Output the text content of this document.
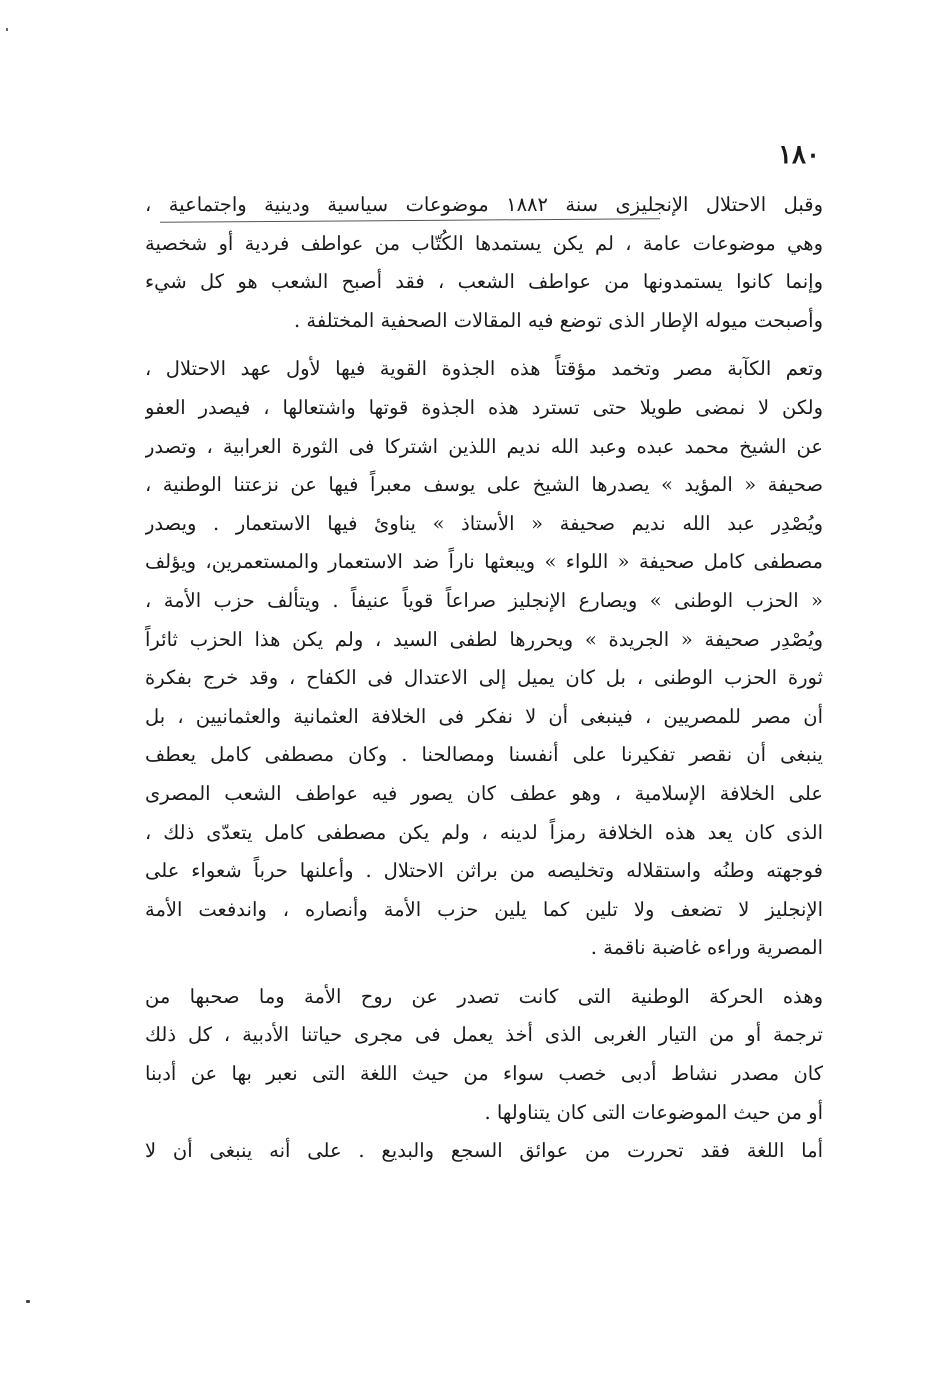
١٨٠
وقبل الاحتلال الإنجليزى سنة ١٨٨٢ موضوعات سياسية ودينية واجتماعية ،
وهي موضوعات عامة ، لم يكن يستمدها الكُتّاب من عواطف فردية أو شخصية
وإنما كانوا يستمدونها من عواطف الشعب ، فقد أصبح الشعب هو كل شيء
وأصبحت ميوله الإطار الذى توضع فيه المقالات الصحفية المختلفة .
وتعم الكآبة مصر وتخمد مؤقتاً هذه الجذوة القوية فيها لأول عهد الاحتلال ،
ولكن لا نمضى طويلا حتى تسترد هذه الجذوة قوتها واشتعالها ، فيصدر العفو
عن الشيخ محمد عبده وعبد الله نديم اللذين اشتركا فى الثورة العرابية ، وتصدر
صحيفة « المؤيد » يصدرها الشيخ على يوسف معبراً فيها عن نزعتنا الوطنية ،
ويُصْدِر عبد الله نديم صحيفة « الأستاذ » يناوئ فيها الاستعمار . ويصدر
مصطفى كامل صحيفة « اللواء » ويبعثها ناراً ضد الاستعمار والمستعمرين، ويؤلف
« الحزب الوطنى » ويصارع الإنجليز صراعاً قوياً عنيفاً . ويتألف حزب الأمة ،
ويُصْدِر صحيفة « الجريدة » ويحررها لطفى السيد ، ولم يكن هذا الحزب ثائراً
ثورة الحزب الوطنى ، بل كان يميل إلى الاعتدال فى الكفاح ، وقد خرج بفكرة
أن مصر للمصريين ، فينبغى أن لا نفكر فى الخلافة العثمانية والعثمانيين ، بل
ينبغى أن نقصر تفكيرنا على أنفسنا ومصالحنا . وكان مصطفى كامل يعطف
على الخلافة الإسلامية ، وهو عطف كان يصور فيه عواطف الشعب المصرى
الذى كان يعد هذه الخلافة رمزاً لدينه ، ولم يكن مصطفى كامل يتعدّى ذلك ،
فوجهته وطنُه واستقلاله وتخليصه من براثن الاحتلال . وأعلنها حرباً شعواء على
الإنجليز لا تضعف ولا تلين كما يلين حزب الأمة وأنصاره ، واندفعت الأمة
المصرية وراءه غاضبة ناقمة .
وهذه الحركة الوطنية التى كانت تصدر عن روح الأمة وما صحبها من
ترجمة أو من التيار الغربى الذى أخذ يعمل فى مجرى حياتنا الأدبية ، كل ذلك
كان مصدر نشاط أدبى خصب سواء من حيث اللغة التى نعبر بها عن أدبنا
أو من حيث الموضوعات التى كان يتناولها .
أما اللغة فقد تحررت من عوائق السجع والبديع . على أنه ينبغى أن لا
